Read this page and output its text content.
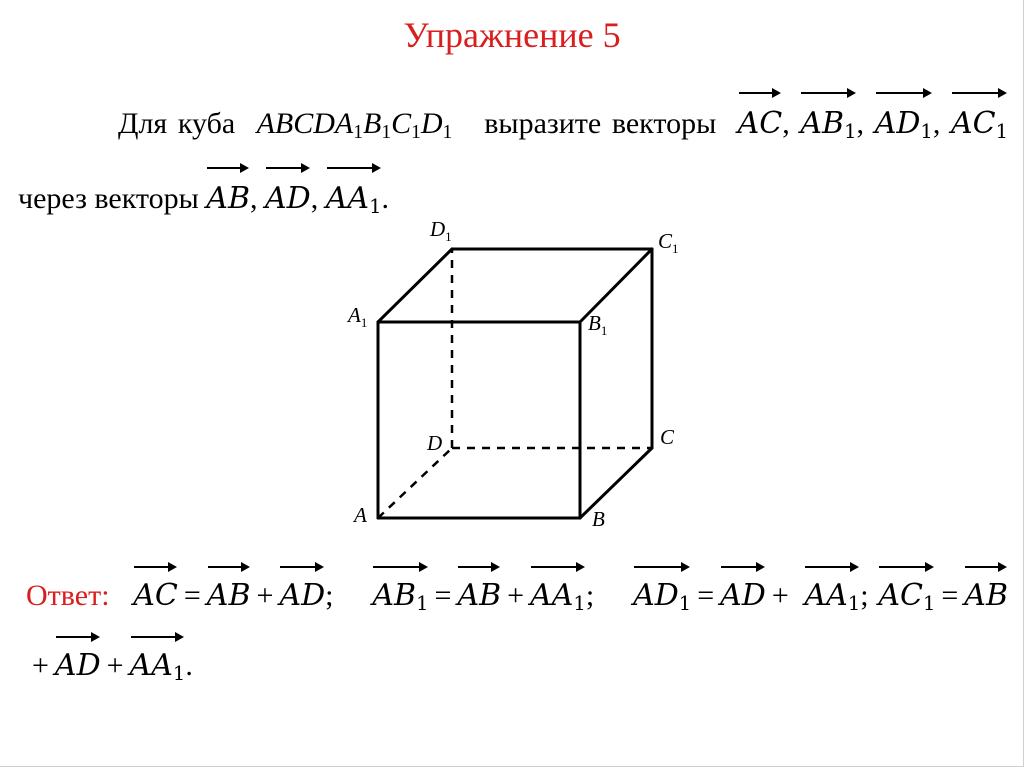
Упражнение 5
Для куба $ABCDA_1B_1C_1D_1$ выразите векторы AC, $AB_1$, $AD_1$, $AC_1$ через векторы AB, AD, $AA_1$.
A	B
C
D
$A_1$	$B_1$
$C_1$
$D_1$
Ответ: AC = AB + AD; $AB_1$ = AB + $AA_1$; $AD_1$ = AD + $AA_1$; $AC_1 = AB+$ AD + $AA_1$.
